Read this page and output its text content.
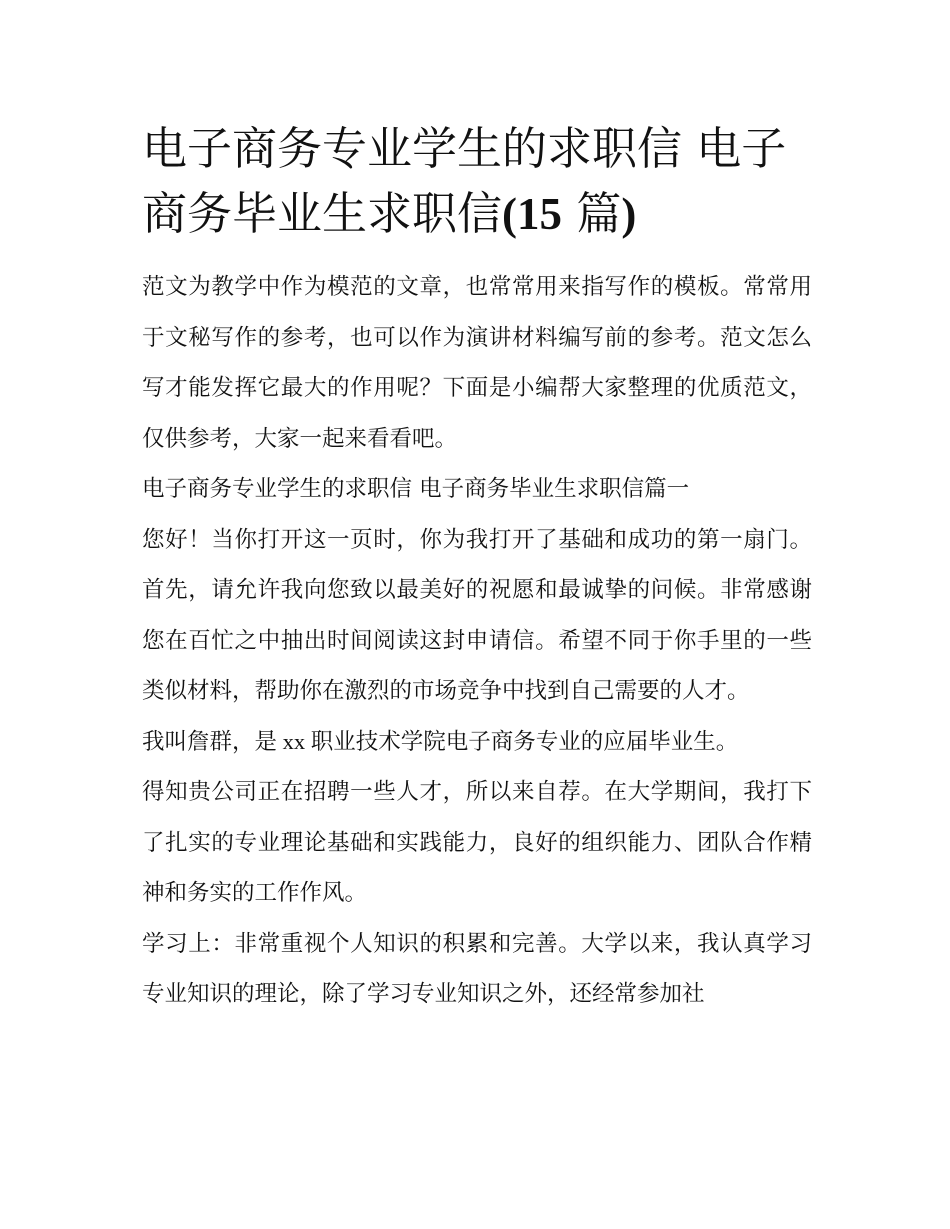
电子商务专业学生的求职信 电子商务毕业生求职信(15 篇)

范文为教学中作为模范的文章，也常常用来指写作的模板。常常用于文秘写作的参考，也可以作为演讲材料编写前的参考。范文怎么写才能发挥它最大的作用呢？下面是小编帮大家整理的优质范文，仅供参考，大家一起来看看吧。

电子商务专业学生的求职信 电子商务毕业生求职信篇一

您好！当你打开这一页时，你为我打开了基础和成功的第一扇门。首先，请允许我向您致以最美好的祝愿和最诚挚的问候。非常感谢您在百忙之中抽出时间阅读这封申请信。希望不同于你手里的一些类似材料，帮助你在激烈的市场竞争中找到自己需要的人才。

我叫詹群，是 xx 职业技术学院电子商务专业的应届毕业生。

得知贵公司正在招聘一些人才，所以来自荐。在大学期间，我打下了扎实的专业理论基础和实践能力，良好的组织能力、团队合作精神和务实的工作作风。

学习上：非常重视个人知识的积累和完善。大学以来，我认真学习专业知识的理论，除了学习专业知识之外，还经常参加社
